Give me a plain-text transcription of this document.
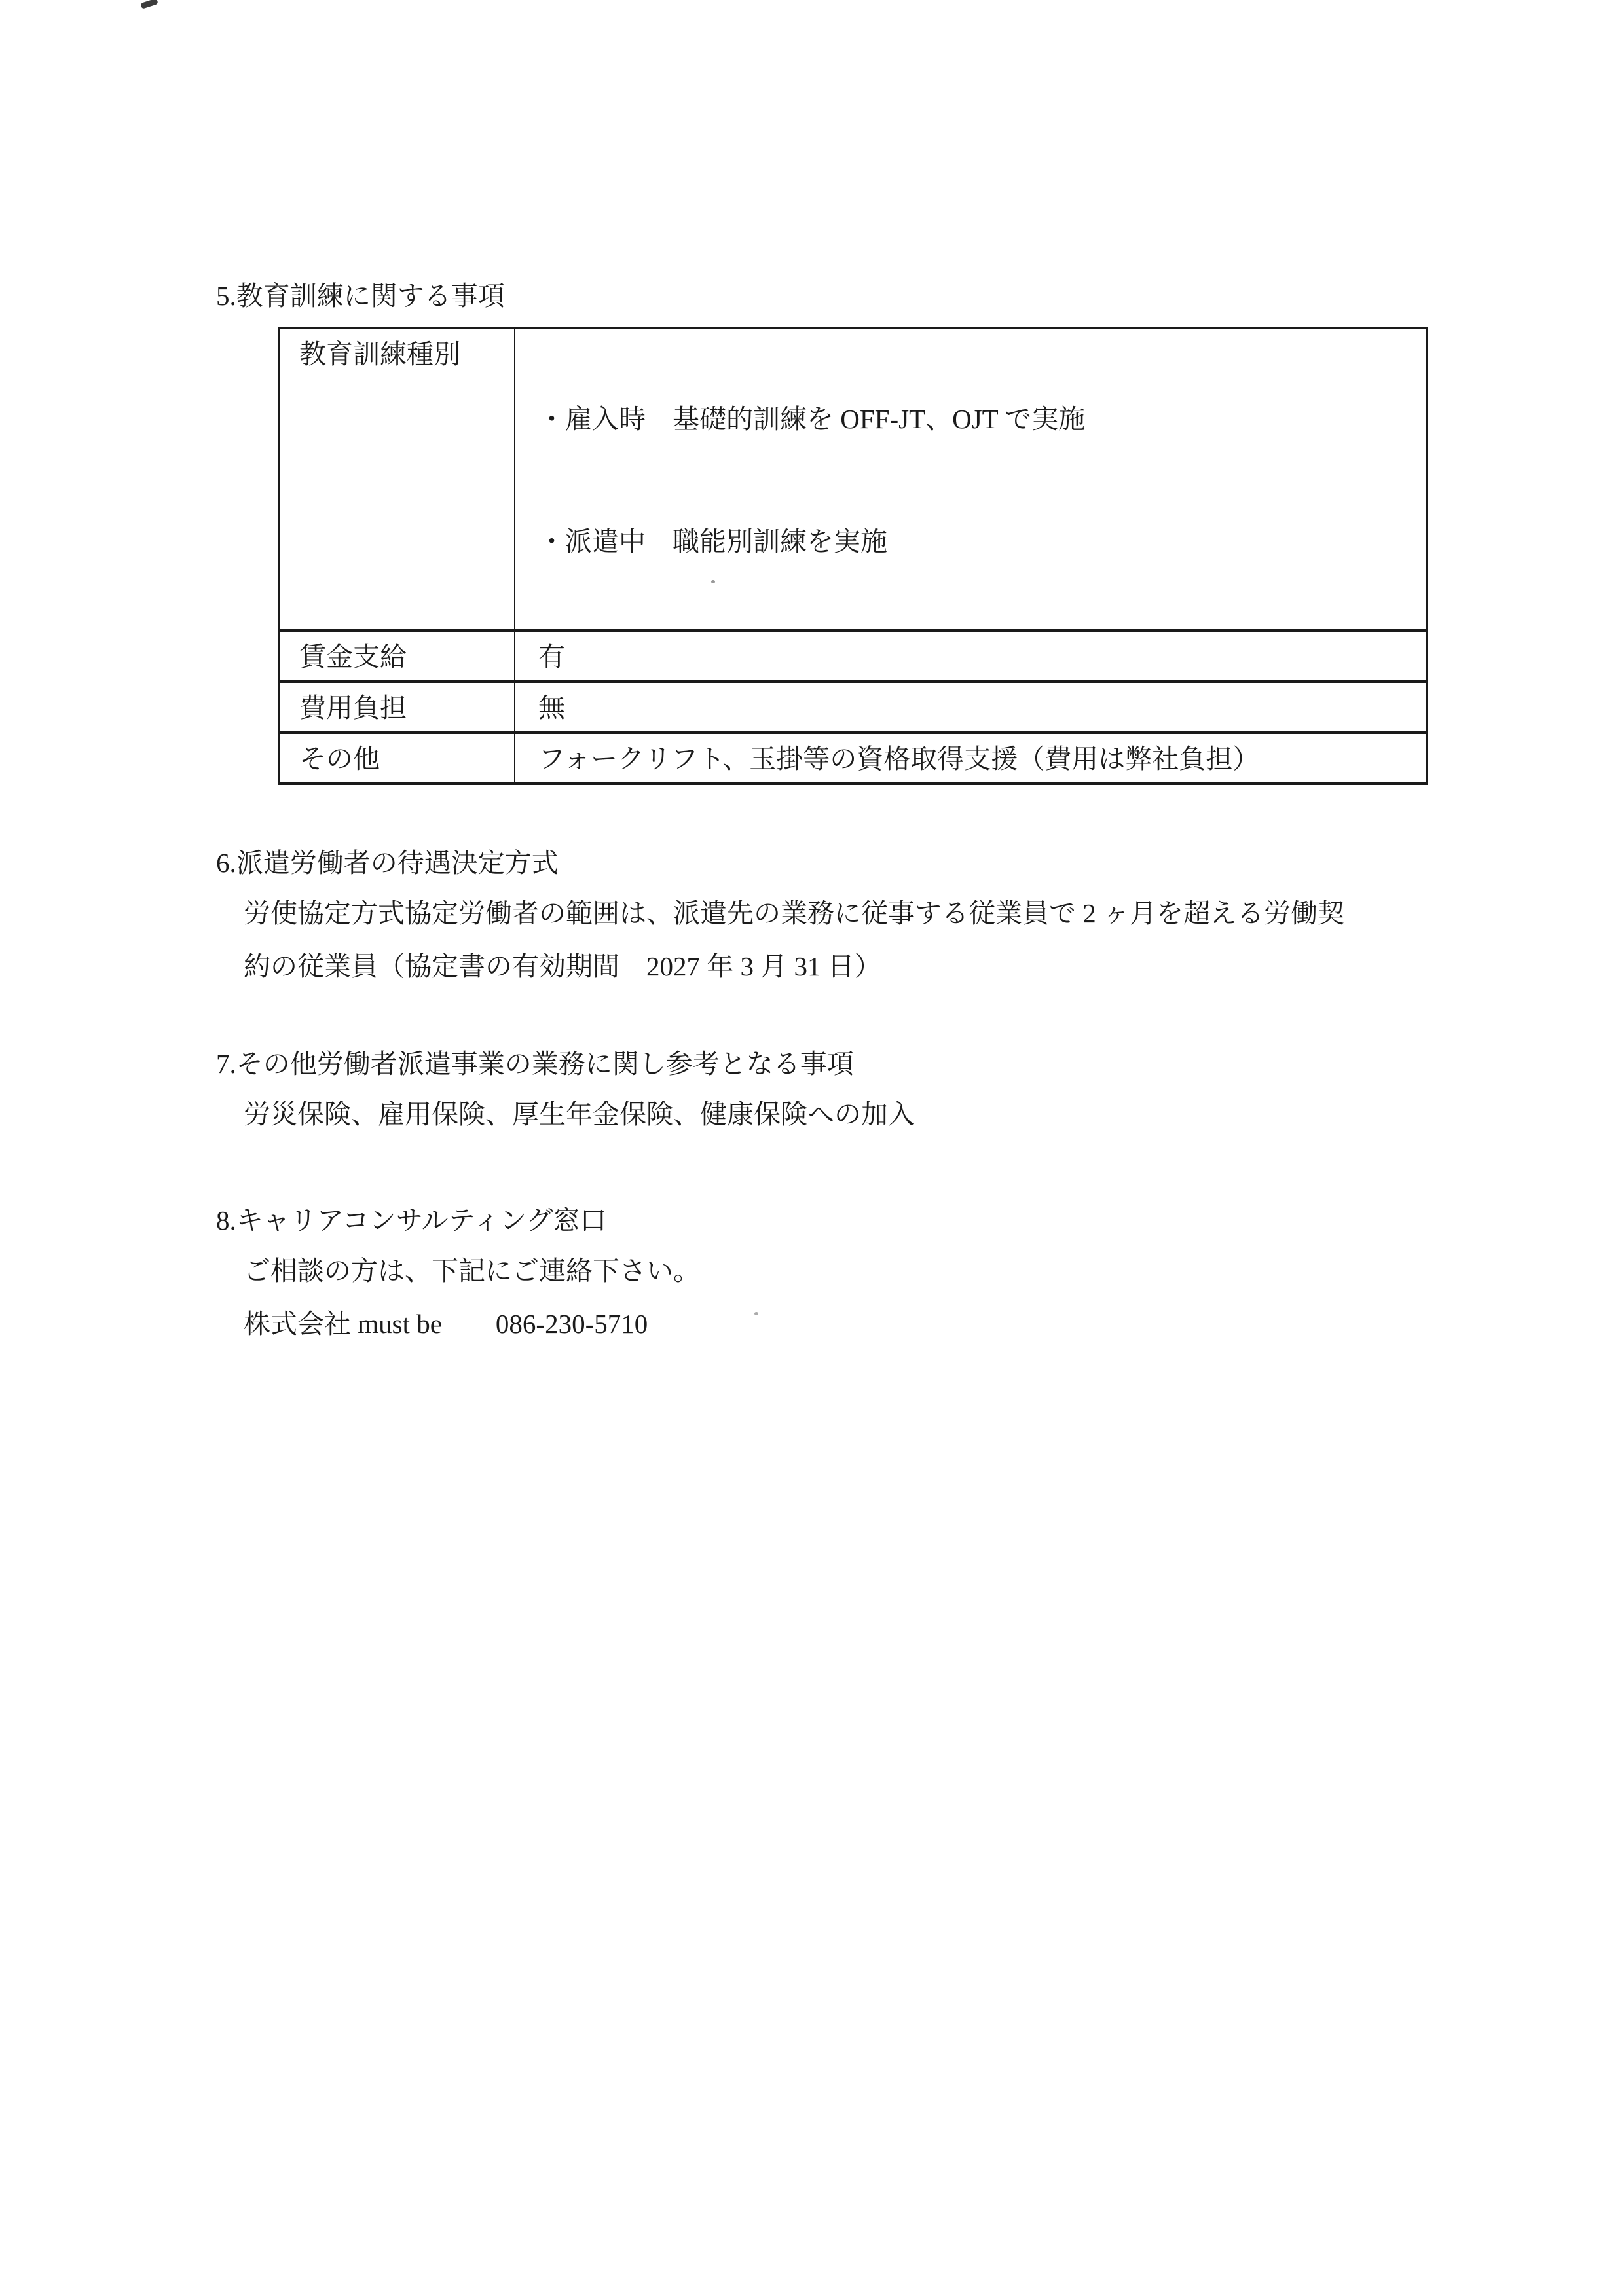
5.教育訓練に関する事項
教育訓練種別	・雇入時　基礎的訓練を OFF-JT、OJT で実施

・派遣中　職能別訓練を実施

賃金支給	有
費用負担	無
その他	フォークリフト、玉掛等の資格取得支援（費用は弊社負担）
6.派遣労働者の待遇決定方式

労使協定方式協定労働者の範囲は、派遣先の業務に従事する従業員で 2 ヶ月を超える労働契

約の従業員（協定書の有効期間　2027 年 3 月 31 日）

7.その他労働者派遣事業の業務に関し参考となる事項

労災保険、雇用保険、厚生年金保険、健康保険への加入

8.キャリアコンサルティング窓口

ご相談の方は、下記にご連絡下さい。

株式会社 must be　　086-230-5710
